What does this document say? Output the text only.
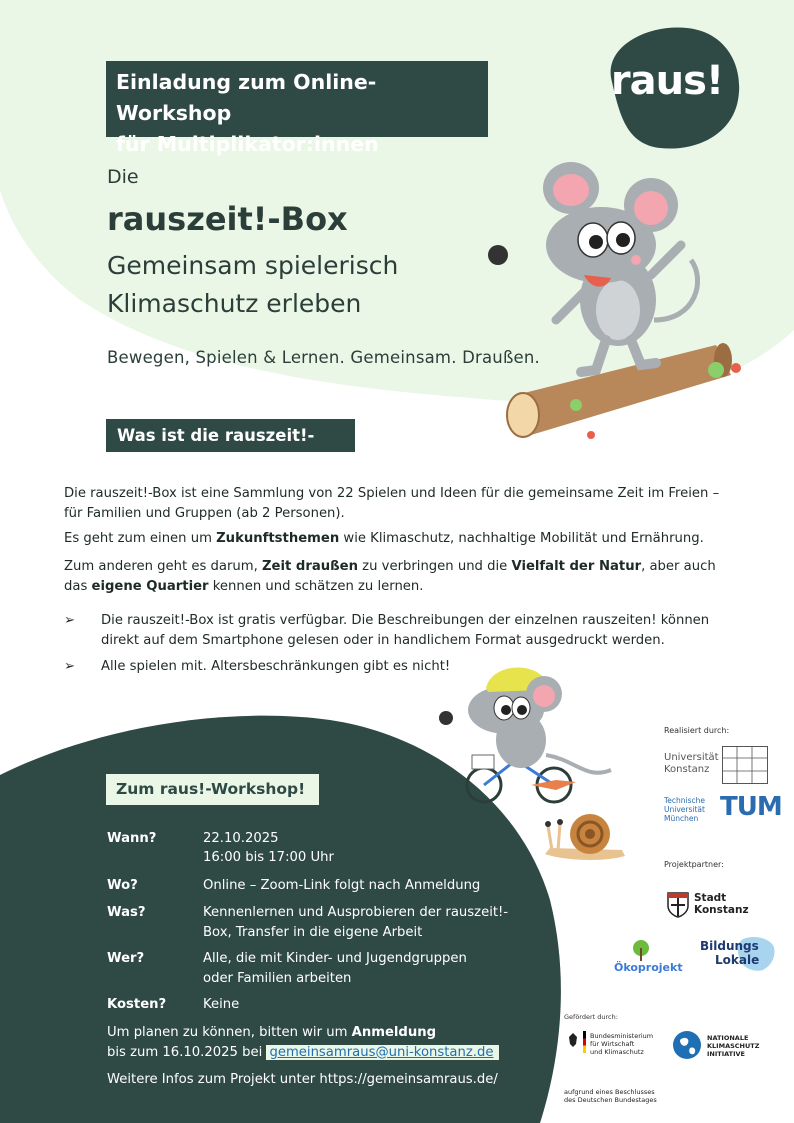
Einladung zum Online-Workshop
für Multiplikator:innen
raus!
Die
rauszeit!-Box
Gemeinsam spielerisch
Klimaschutz erleben
Bewegen, Spielen & Lernen. Gemeinsam. Draußen.
Was ist die rauszeit!-Box?
Die rauszeit!-Box ist eine Sammlung von 22 Spielen und Ideen für die gemeinsame Zeit im Freien – für Familien und Gruppen (ab 2 Personen).
Es geht zum einen um Zukunftsthemen wie Klimaschutz, nachhaltige Mobilität und Ernährung.
Zum anderen geht es darum, Zeit draußen zu verbringen und die Vielfalt der Natur, aber auch das eigene Quartier kennen und schätzen zu lernen.
➢ Die rauszeit!-Box ist gratis verfügbar. Die Beschreibungen der einzelnen rauszeiten! können direkt auf dem Smartphone gelesen oder in handlichem Format ausgedruckt werden.
➢ Alle spielen mit. Altersbeschränkungen gibt es nicht!
Zum raus!-Workshop!
Wann?	22.10.2025
16:00 bis 17:00 Uhr
Wo?	Online – Zoom-Link folgt nach Anmeldung
Was?	Kennenlernen und Ausprobieren der rauszeit!-Box, Transfer in die eigene Arbeit
Wer?	Alle, die mit Kinder- und Jugendgruppen oder Familien arbeiten
Kosten?	Keine
Um planen zu können, bitten wir um Anmeldung
bis zum 16.10.2025 bei gemeinsamraus@uni-konstanz.de
Weitere Infos zum Projekt unter https://gemeinsamraus.de/
Realisiert durch:
Universität
Konstanz
Technische
Universität
München TUM
Projektpartner:
Stadt
Konstanz
Ökoprojekt
Bildungs
Lokale
Gefördert durch:
Bundesministerium
für Wirtschaft
und Klimaschutz
NATIONALE
KLIMASCHUTZ
INITIATIVE
aufgrund eines Beschlusses
des Deutschen Bundestages
